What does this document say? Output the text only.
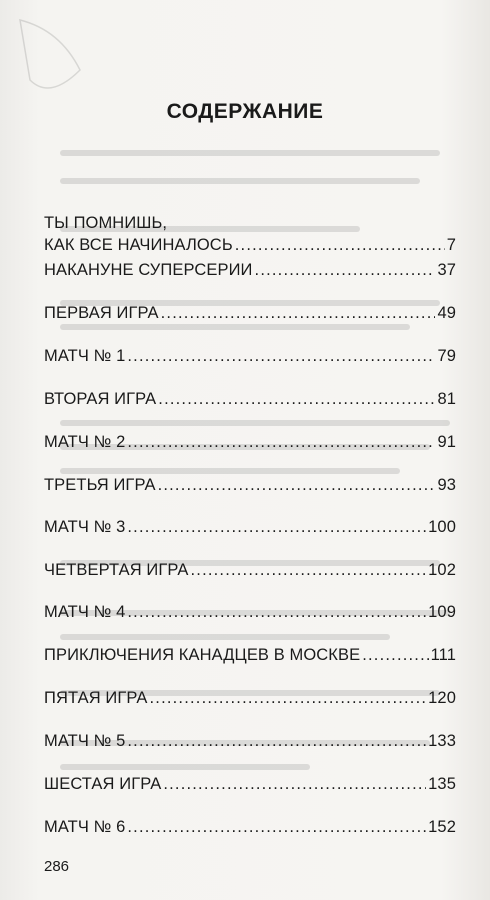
СОДЕРЖАНИЕ
ТЫ ПОМНИШЬ,
КАК ВСЕ НАЧИНАЛОСЬ .....	7
НАКАНУНЕ СУПЕРСЕРИИ .....	37
ПЕРВАЯ ИГРА .....	49
МАТЧ № 1 .....	79
ВТОРАЯ ИГРА .....	81
МАТЧ № 2 .....	91
ТРЕТЬЯ ИГРА .....	93
МАТЧ № 3 .....	100
ЧЕТВЕРТАЯ ИГРА .....	102
МАТЧ № 4 .....	109
ПРИКЛЮЧЕНИЯ КАНАДЦЕВ В МОСКВЕ .....	111
ПЯТАЯ ИГРА .....	120
МАТЧ № 5 .....	133
ШЕСТАЯ ИГРА .....	135
МАТЧ № 6 .....	152
286
